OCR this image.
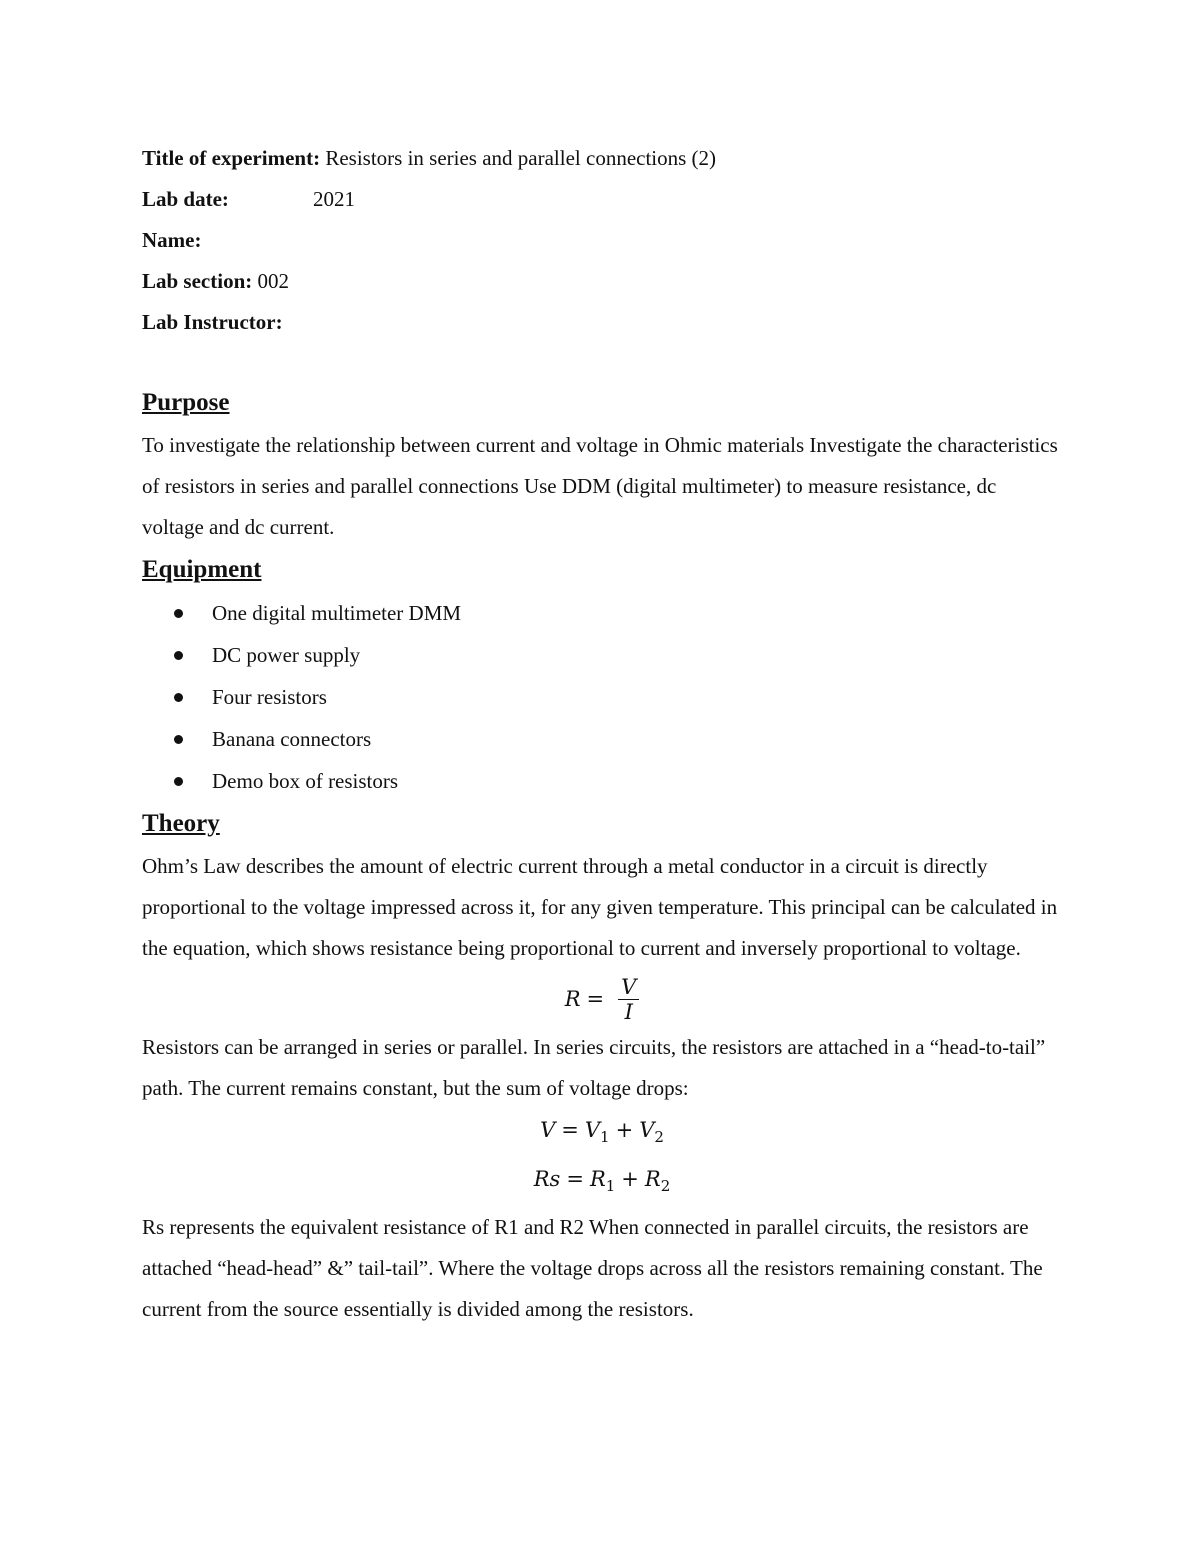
Title of experiment: Resistors in series and parallel connections (2)

Lab date:	2021

Name:

Lab section: 002

Lab Instructor:

Purpose

To investigate the relationship between current and voltage in Ohmic materials Investigate the characteristics of resistors in series and parallel connections Use DDM (digital multimeter) to measure resistance, dc voltage and dc current.

Equipment
One digital multimeter DMM
DC power supply
Four resistors
Banana connectors
Demo box of resistors
Theory

Ohm’s Law describes the amount of electric current through a metal conductor in a circuit is directly proportional to the voltage impressed across it, for any given temperature. This principal can be calculated in the equation, which shows resistance being proportional to current and inversely proportional to voltage.

$R = \frac{V}{I}$

Resistors can be arranged in series or parallel. In series circuits, the resistors are attached in a “head-to-tail” path. The current remains constant, but the sum of voltage drops:

$V = V_1 + V_2$
$Rs = R_1 + R_2$

Rs represents the equivalent resistance of R1 and R2 When connected in parallel circuits, the resistors are attached “head-head” &” tail-tail”. Where the voltage drops across all the resistors remaining constant. The current from the source essentially is divided among the resistors.
